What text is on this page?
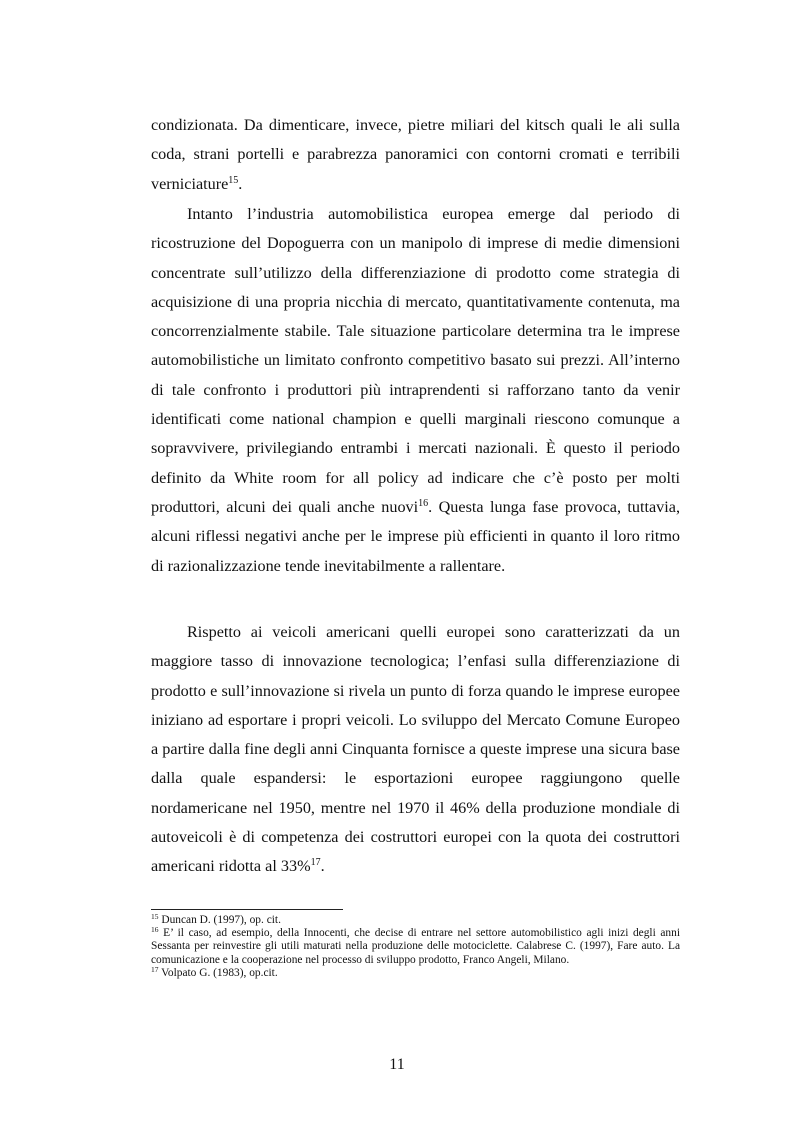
condizionata. Da dimenticare, invece, pietre miliari del kitsch quali le ali sulla coda, strani portelli e parabrezza panoramici con contorni cromati e terribili verniciature$^{15}$.

Intanto l’industria automobilistica europea emerge dal periodo di ricostruzione del Dopoguerra con un manipolo di imprese di medie dimensioni concentrate sull’utilizzo della differenziazione di prodotto come strategia di acquisizione di una propria nicchia di mercato, quantitativamente contenuta, ma concorrenzialmente stabile. Tale situazione particolare determina tra le imprese automobilistiche un limitato confronto competitivo basato sui prezzi. All’interno di tale confronto i produttori più intraprendenti si rafforzano tanto da venir identificati come national champion e quelli marginali riescono comunque a sopravvivere, privilegiando entrambi i mercati nazionali. È questo il periodo definito da White room for all policy ad indicare che c’è posto per molti produttori, alcuni dei quali anche nuovi$^{16}$. Questa lunga fase provoca, tuttavia, alcuni riflessi negativi anche per le imprese più efficienti in quanto il loro ritmo di razionalizzazione tende inevitabilmente a rallentare.

Rispetto ai veicoli americani quelli europei sono caratterizzati da un maggiore tasso di innovazione tecnologica; l’enfasi sulla differenziazione di prodotto e sull’innovazione si rivela un punto di forza quando le imprese europee iniziano ad esportare i propri veicoli. Lo sviluppo del Mercato Comune Europeo a partire dalla fine degli anni Cinquanta fornisce a queste imprese una sicura base dalla quale espandersi: le esportazioni europee raggiungono quelle nordamericane nel 1950, mentre nel 1970 il 46% della produzione mondiale di autoveicoli è di competenza dei costruttori europei con la quota dei costruttori americani ridotta al 33%$^{17}$.

$^{15}$ Duncan D. (1997), op. cit.

$^{16}$ E’ il caso, ad esempio, della Innocenti, che decise di entrare nel settore automobilistico agli inizi degli anni Sessanta per reinvestire gli utili maturati nella produzione delle motociclette. Calabrese C. (1997), Fare auto. La comunicazione e la cooperazione nel processo di sviluppo prodotto, Franco Angeli, Milano.

$^{17}$ Volpato G. (1983), op.cit.

11
